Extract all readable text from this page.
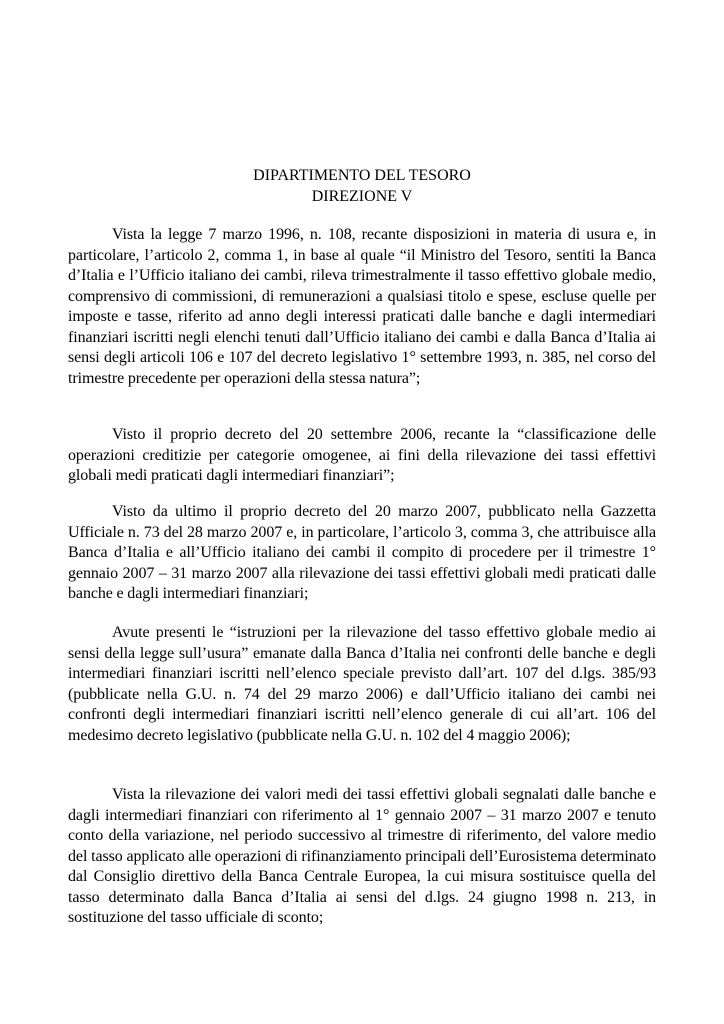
DIPARTIMENTO DEL TESORO
DIREZIONE V

Vista la legge 7 marzo 1996, n. 108, recante disposizioni in materia di usura e, in particolare, l’articolo 2, comma 1, in base al quale “il Ministro del Tesoro, sentiti la Banca d’Italia e l’Ufficio italiano dei cambi, rileva trimestralmente il tasso effettivo globale medio, comprensivo di commissioni, di remunerazioni a qualsiasi titolo e spese, escluse quelle per imposte e tasse, riferito ad anno degli interessi praticati dalle banche e dagli intermediari finanziari iscritti negli elenchi tenuti dall’Ufficio italiano dei cambi e dalla Banca d’Italia ai sensi degli articoli 106 e 107 del decreto legislativo 1° settembre 1993, n. 385, nel corso del trimestre precedente per operazioni della stessa natura”;

Visto il proprio decreto del 20 settembre 2006, recante la “classificazione delle operazioni creditizie per categorie omogenee, ai fini della rilevazione dei tassi effettivi globali medi praticati dagli intermediari finanziari”;

Visto da ultimo il proprio decreto del 20 marzo 2007, pubblicato nella Gazzetta Ufficiale n. 73 del 28 marzo 2007 e, in particolare, l’articolo 3, comma 3, che attribuisce alla Banca d’Italia e all’Ufficio italiano dei cambi il compito di procedere per il trimestre 1° gennaio 2007 – 31 marzo 2007 alla rilevazione dei tassi effettivi globali medi praticati dalle banche e dagli intermediari finanziari;

Avute presenti le “istruzioni per la rilevazione del tasso effettivo globale medio ai sensi della legge sull’usura” emanate dalla Banca d’Italia nei confronti delle banche e degli intermediari finanziari iscritti nell’elenco speciale previsto dall’art. 107 del d.lgs. 385/93 (pubblicate nella G.U. n. 74 del 29 marzo 2006) e dall’Ufficio italiano dei cambi nei confronti degli intermediari finanziari iscritti nell’elenco generale di cui all’art. 106 del medesimo decreto legislativo (pubblicate nella G.U. n. 102 del 4 maggio 2006);

Vista la rilevazione dei valori medi dei tassi effettivi globali segnalati dalle banche e dagli intermediari finanziari con riferimento al 1° gennaio 2007 – 31 marzo 2007 e tenuto conto della variazione, nel periodo successivo al trimestre di riferimento, del valore medio del tasso applicato alle operazioni di rifinanziamento principali dell’Eurosistema determinato dal Consiglio direttivo della Banca Centrale Europea, la cui misura sostituisce quella del tasso determinato dalla Banca d’Italia ai sensi del d.lgs. 24 giugno 1998 n. 213, in sostituzione del tasso ufficiale di sconto;
